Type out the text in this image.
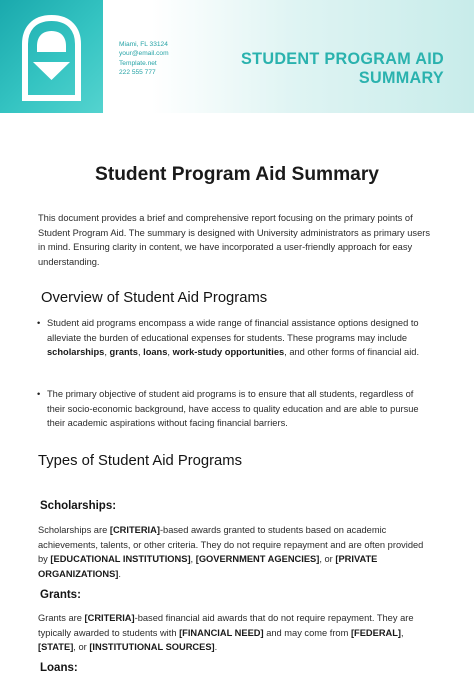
Miami, FL 33124
your@email.com
Template.net
222 555 777
STUDENT PROGRAM AID
SUMMARY
Student Program Aid Summary
This document provides a brief and comprehensive report focusing on the primary points of Student Program Aid. The summary is designed with University administrators as primary users in mind. Ensuring clarity in content, we have incorporated a user-friendly approach for easy understanding.
Overview of Student Aid Programs
• Student aid programs encompass a wide range of financial assistance options designed to alleviate the burden of educational expenses for students. These programs may include scholarships, grants, loans, work-study opportunities, and other forms of financial aid.
• The primary objective of student aid programs is to ensure that all students, regardless of their socio-economic background, have access to quality education and are able to pursue their academic aspirations without facing financial barriers.
Types of Student Aid Programs
Scholarships:
Scholarships are [CRITERIA]-based awards granted to students based on academic achievements, talents, or other criteria. They do not require repayment and are often provided by [EDUCATIONAL INSTITUTIONS], [GOVERNMENT AGENCIES], or [PRIVATE ORGANIZATIONS].
Grants:
Grants are [CRITERIA]-based financial aid awards that do not require repayment. They are typically awarded to students with [FINANCIAL NEED] and may come from [FEDERAL], [STATE], or [INSTITUTIONAL SOURCES].
Loans:
